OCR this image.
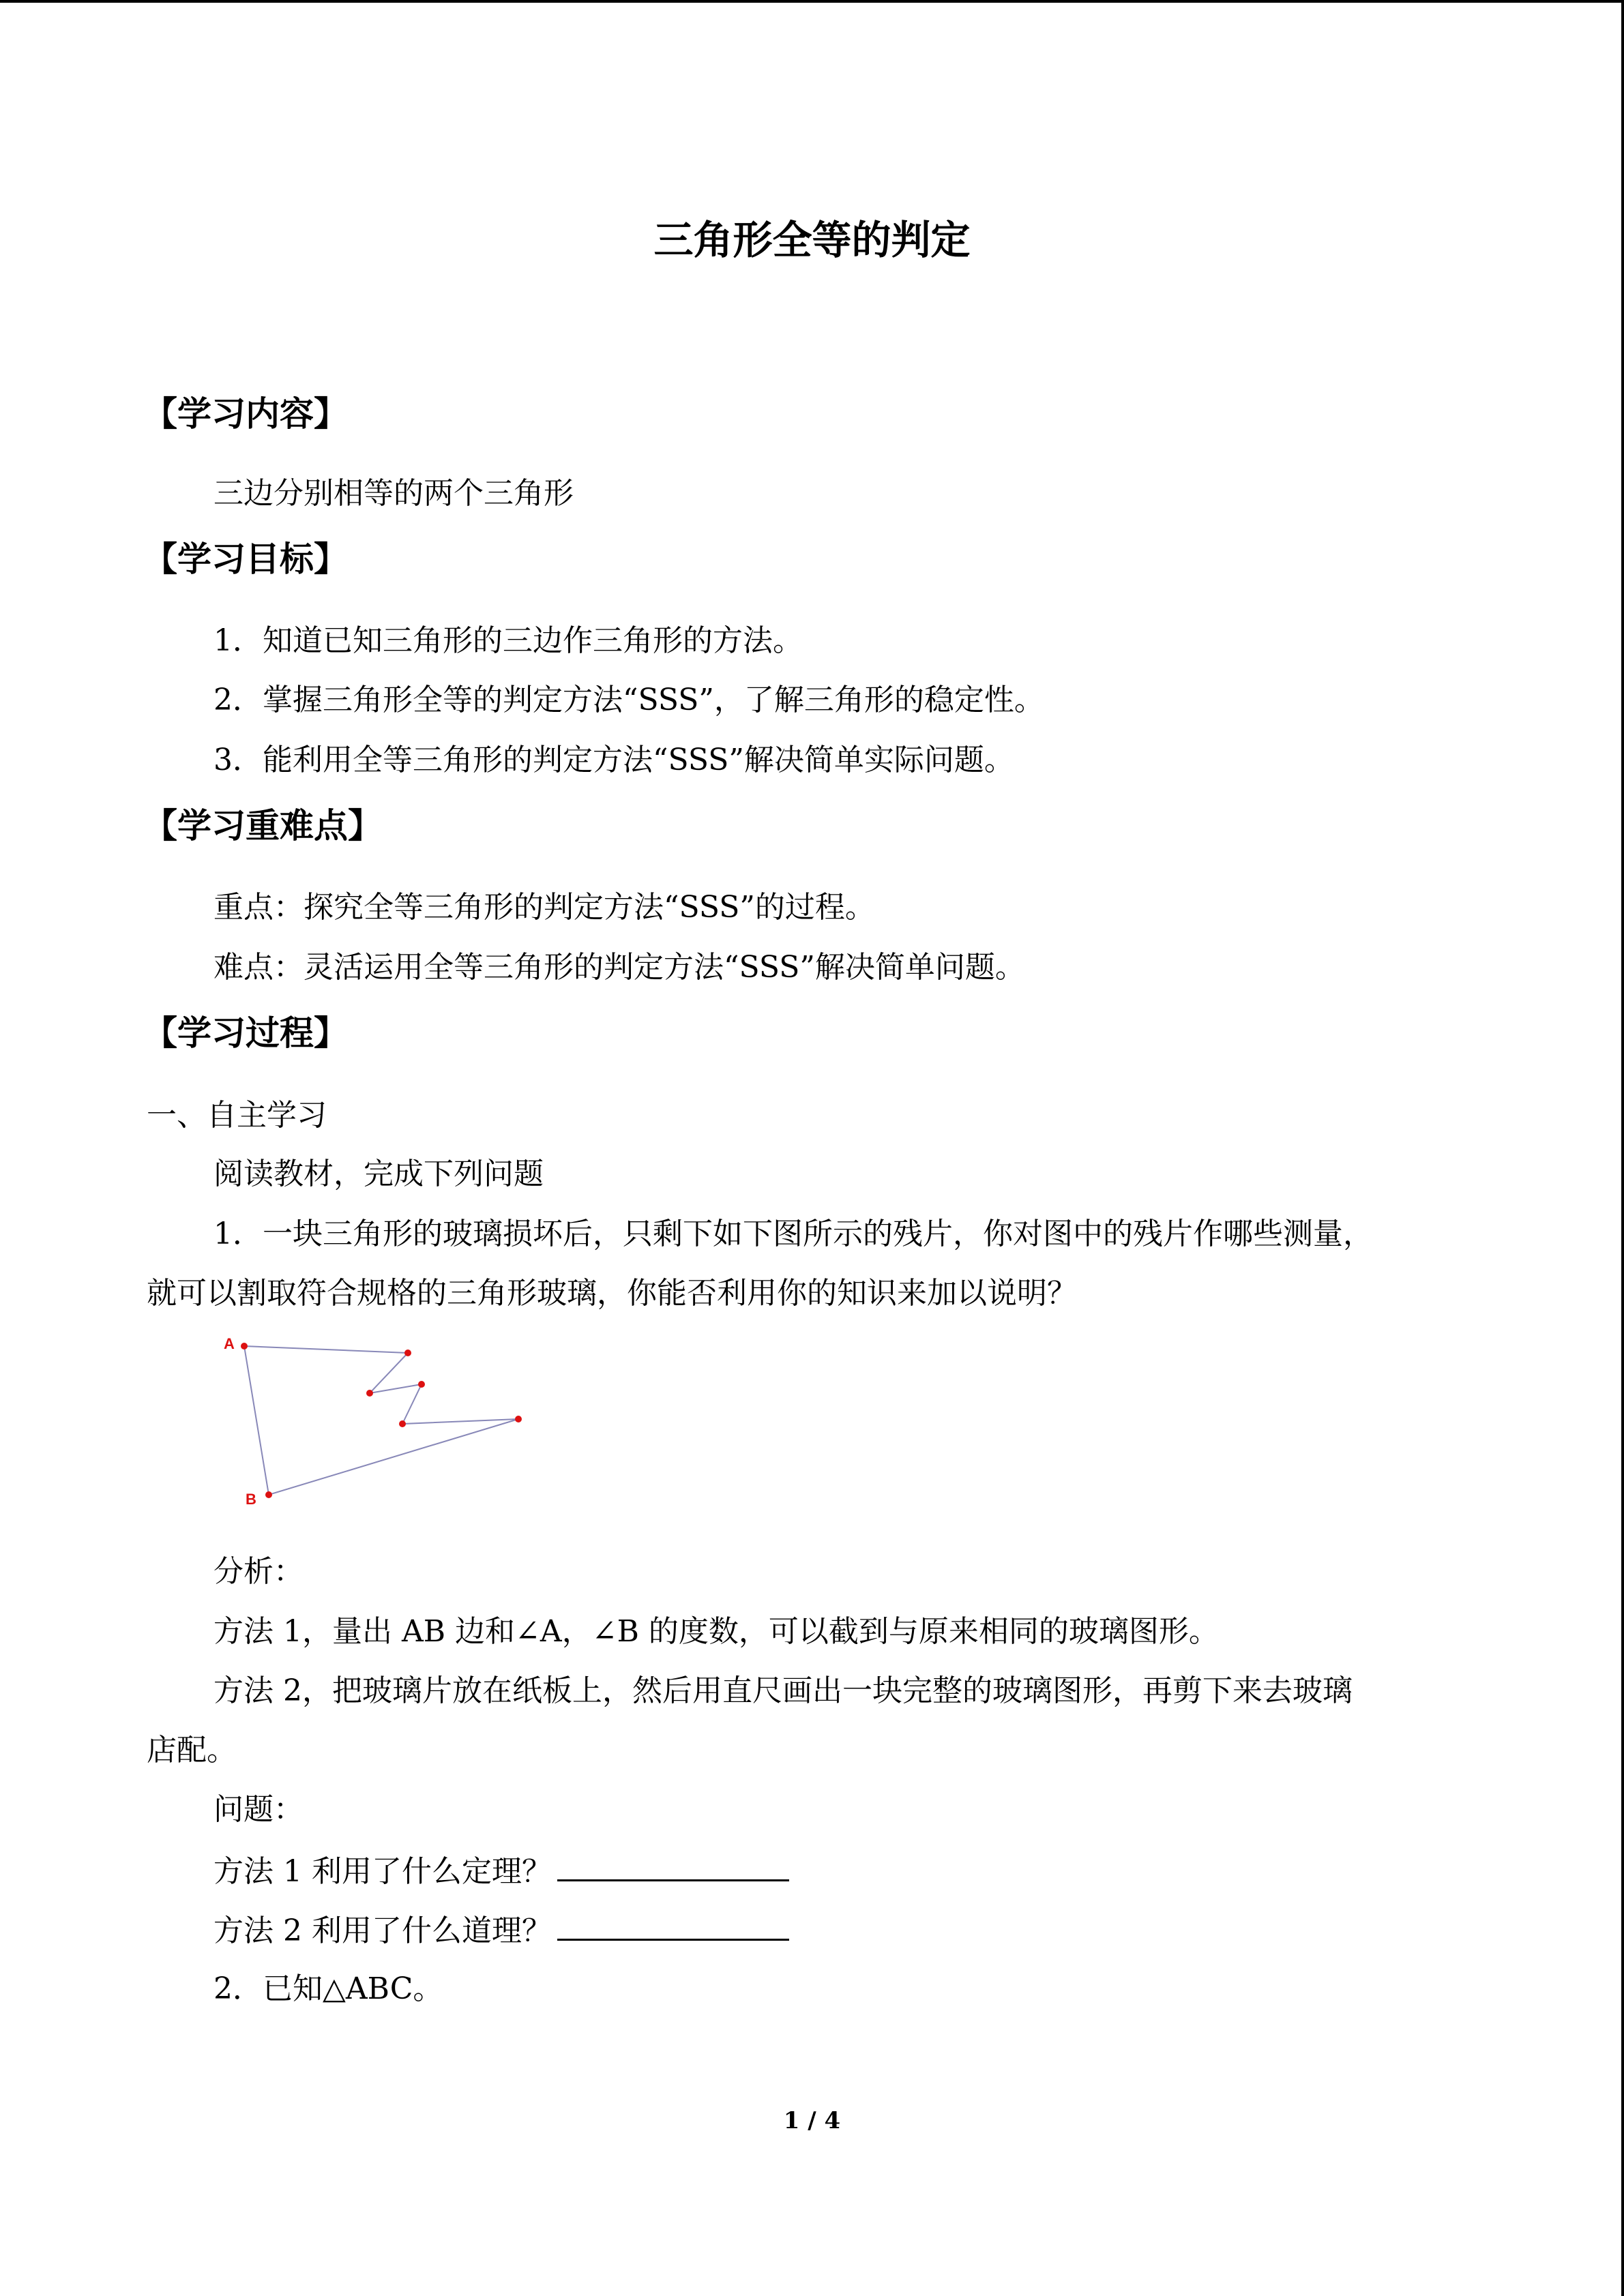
三角形全等的判定
【学习内容】
三边分别相等的两个三角形
【学习目标】
1．知道已知三角形的三边作三角形的方法。
2．掌握三角形全等的判定方法“SSS”，了解三角形的稳定性。
3．能利用全等三角形的判定方法“SSS”解决简单实际问题。
【学习重难点】
重点：探究全等三角形的判定方法“SSS”的过程。
难点：灵活运用全等三角形的判定方法“SSS”解决简单问题。
【学习过程】
一、自主学习
阅读教材，完成下列问题
1．一块三角形的玻璃损坏后，只剩下如下图所示的残片，你对图中的残片作哪些测量，
就可以割取符合规格的三角形玻璃，你能否利用你的知识来加以说明？
A
B
分析：
方法 1，量出 AB 边和∠A，∠B 的度数，可以截到与原来相同的玻璃图形。
方法 2，把玻璃片放在纸板上，然后用直尺画出一块完整的玻璃图形，再剪下来去玻璃
店配。
问题：
方法 1 利用了什么定理？
方法 2 利用了什么道理？
2．已知△ABC。
1 / 4
